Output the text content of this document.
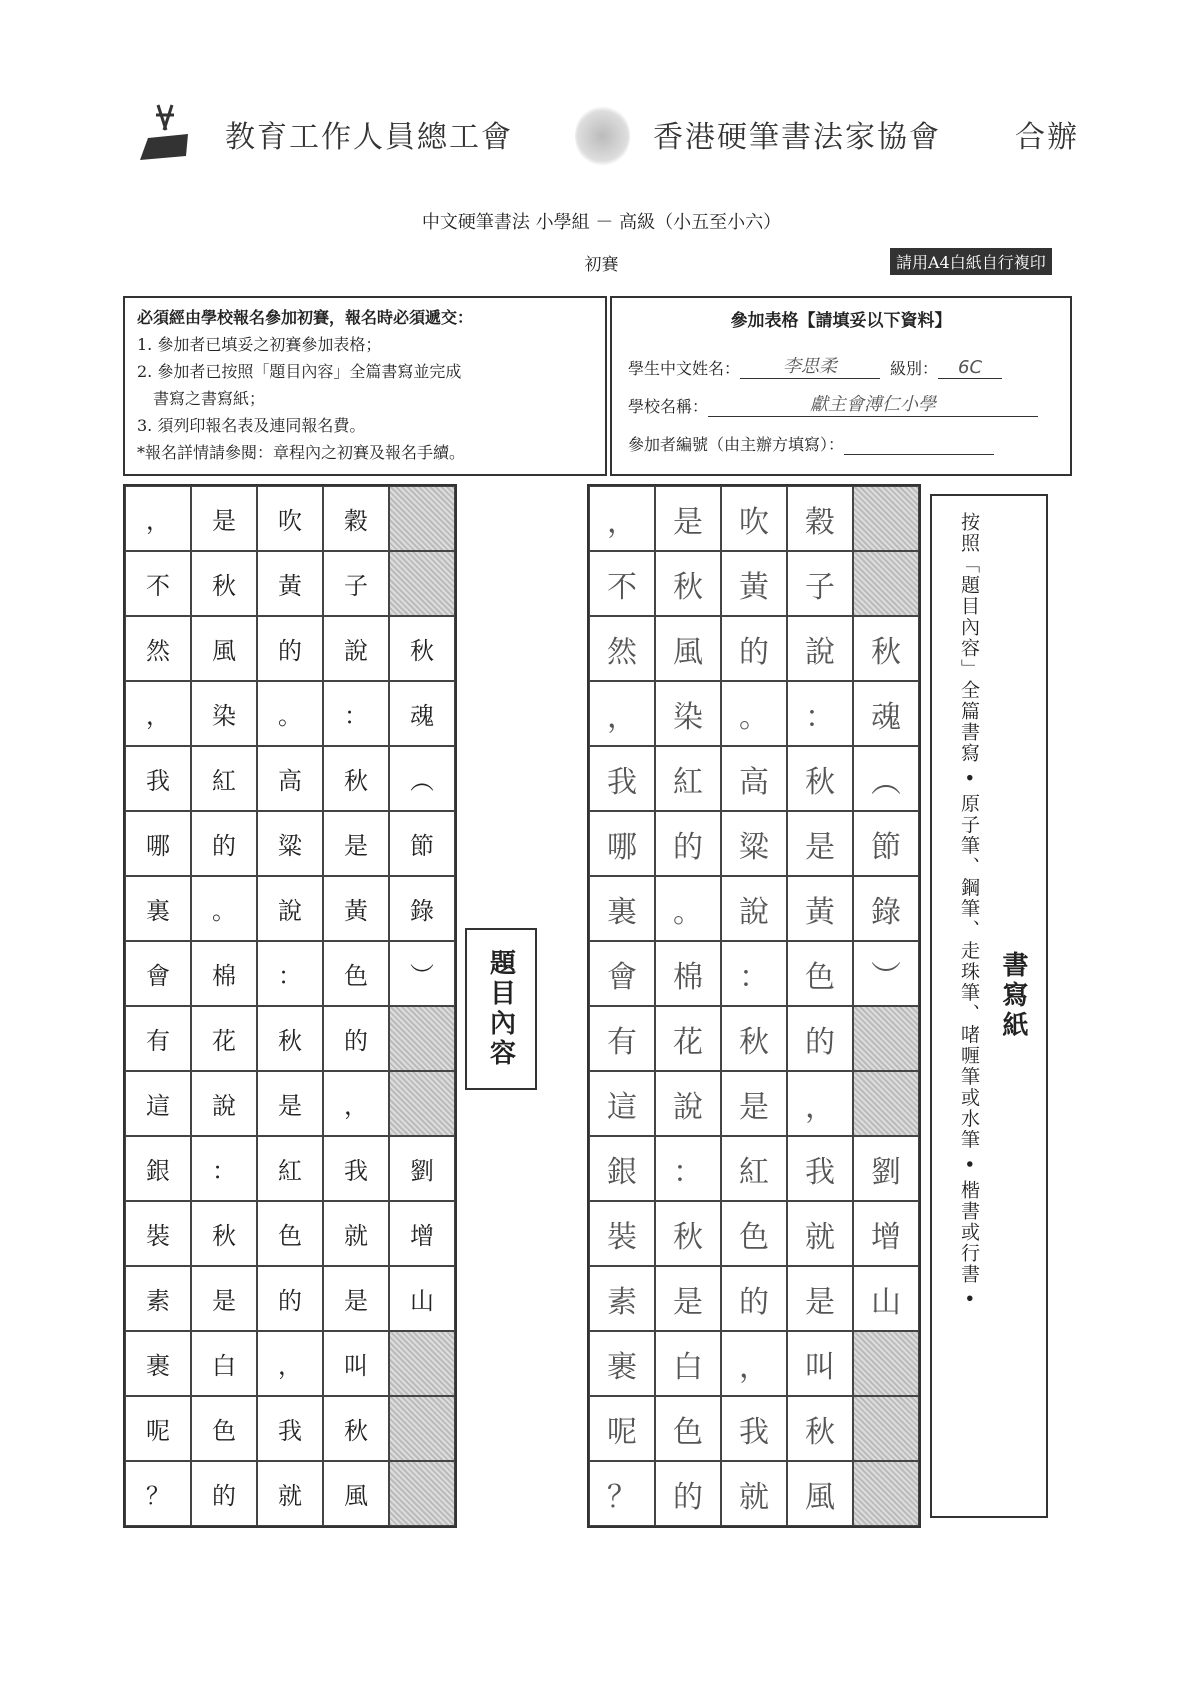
教育工作人員總工會	香港硬筆書法家協會 合辦
中文硬筆書法 小學組 － 高級（小五至小六）
初賽	請用A4白紙自行複印
必須經由學校報名參加初賽，報名時必須遞交：
1. 參加者已填妥之初賽參加表格；
2. 參加者已按照「題目內容」全篇書寫並完成
　書寫之書寫紙；
3. 須列印報名表及連同報名費。
*報名詳情請參閱：章程內之初賽及報名手續。
參加表格【請填妥以下資料】
學生中文姓名：	李思柔	級別：	6C
學校名稱：	獻主會溥仁小學
參加者編號（由主辦方填寫）：
，	是	吹	穀
不	秋	黃	子
然	風	的	說	秋
，	染	。	：	魂
我	紅	高	秋	︵
哪	的	粱	是	節
裏	。	說	黃	錄
會	棉	：	色	︶
有	花	秋	的
這	說	是	，
銀	：	紅	我	劉
裝	秋	色	就	增
素	是	的	是	山
裹	白	，	叫
呢	色	我	秋
？	的	就	風
題目內容
，	是	吹	穀
不	秋	黃	子
然	風	的	說	秋
，	染	。	：	魂
我	紅	高	秋	︵
哪	的	粱	是	節
裏	。	說	黃	錄
會	棉	：	色	︶
有	花	秋	的
這	說	是	，
銀	：	紅	我	劉
裝	秋	色	就	增
素	是	的	是	山
裹	白	，	叫
呢	色	我	秋
？	的	就	風
按照「題目內容」全篇書寫 • 原子筆、鋼筆、走珠筆、啫喱筆或水筆 • 楷書或行書 • 書寫紙
